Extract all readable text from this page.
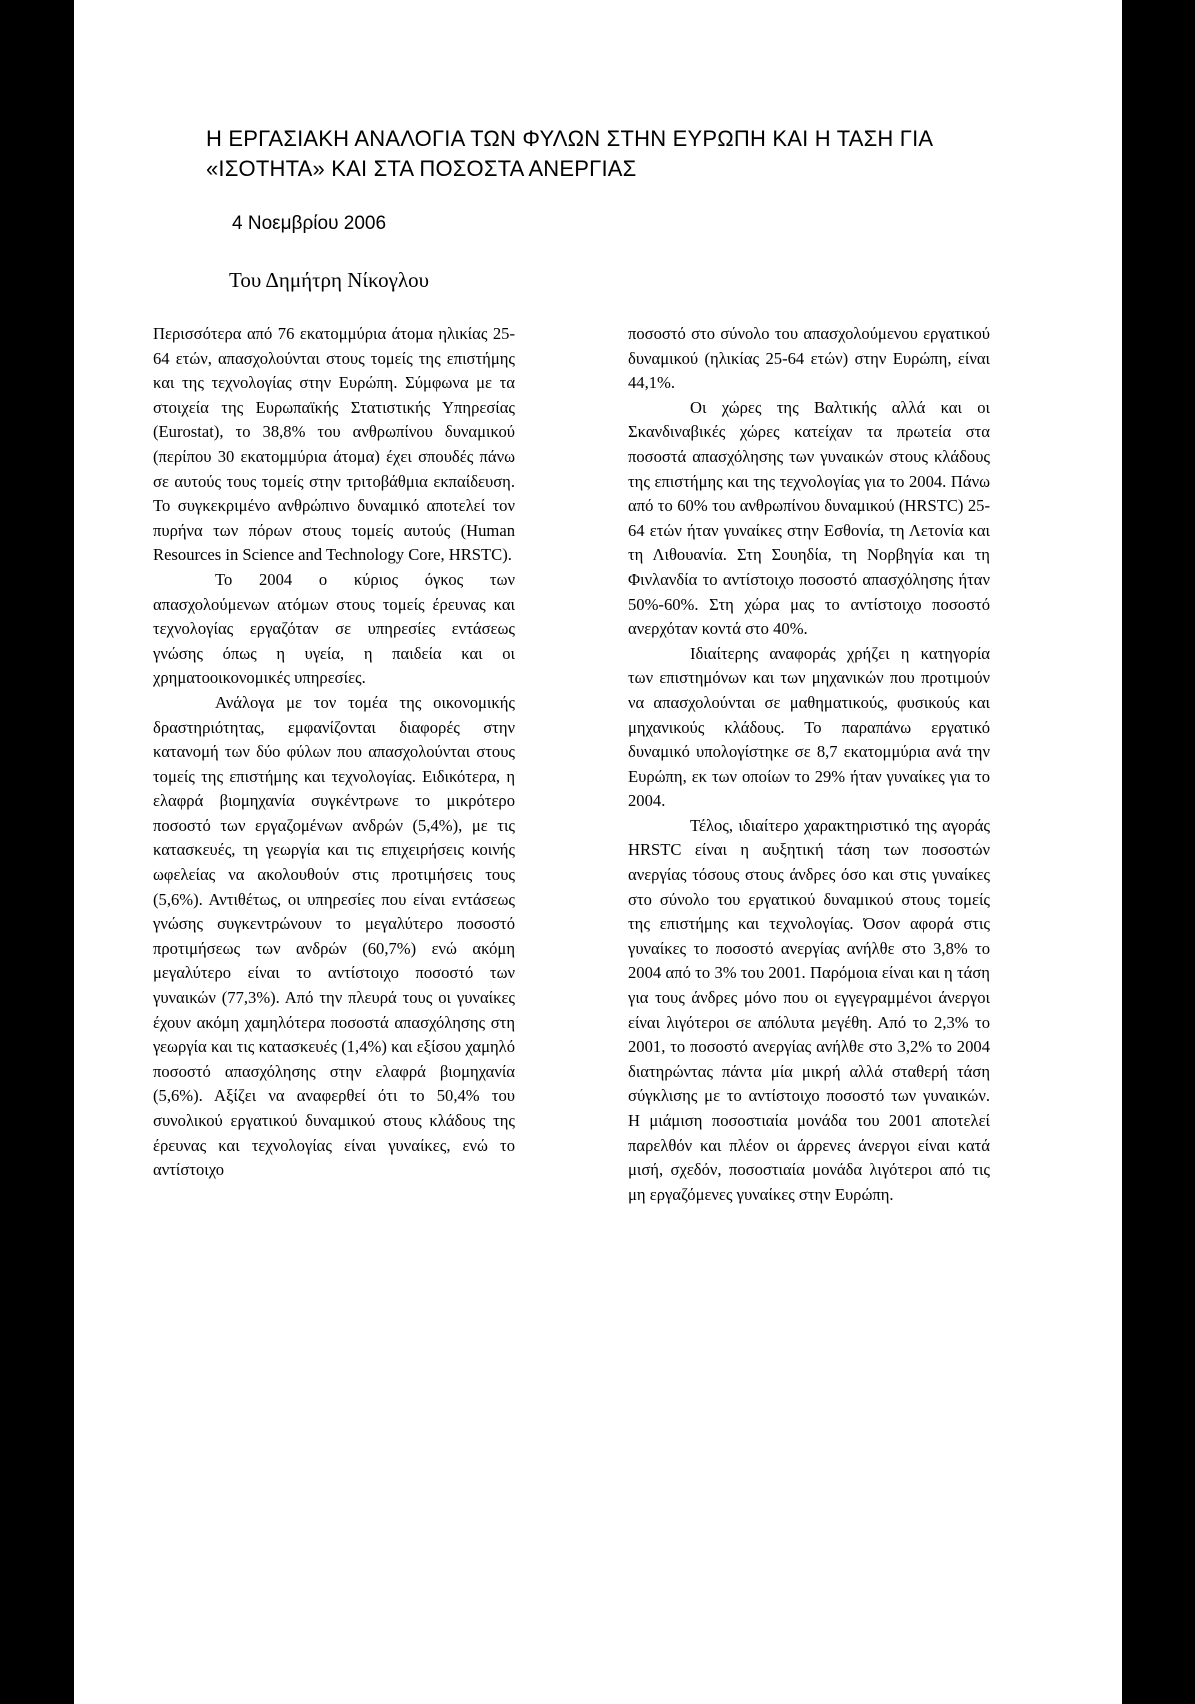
Η ΕΡΓΑΣΙΑΚΗ ΑΝΑΛΟΓΙΑ ΤΩΝ ΦΥΛΩΝ ΣΤΗΝ ΕΥΡΩΠΗ ΚΑΙ Η ΤΑΣΗ ΓΙΑ «ΙΣΟΤΗΤΑ» ΚΑΙ ΣΤΑ ΠΟΣΟΣΤΑ ΑΝΕΡΓΙΑΣ
4 Νοεμβρίου 2006
Του Δημήτρη Νίκογλου

Περισσότερα από 76 εκατομμύρια άτομα ηλικίας 25-64 ετών, απασχολούνται στους τομείς της επιστήμης και της τεχνολογίας στην Ευρώπη. Σύμφωνα με τα στοιχεία της Ευρωπαϊκής Στατιστικής Υπηρεσίας (Eurostat), το 38,8% του ανθρωπίνου δυναμικού (περίπου 30 εκατομμύρια άτομα) έχει σπουδές πάνω σε αυτούς τους τομείς στην τριτοβάθμια εκπαίδευση. Το συγκεκριμένο ανθρώπινο δυναμικό αποτελεί τον πυρήνα των πόρων στους τομείς αυτούς (Human Resources in Science and Technology Core, HRSTC).

Το 2004 ο κύριος όγκος των απασχολούμενων ατόμων στους τομείς έρευνας και τεχνολογίας εργαζόταν σε υπηρεσίες εντάσεως γνώσης όπως η υγεία, η παιδεία και οι χρηματοοικονομικές υπηρεσίες.

Ανάλογα με τον τομέα της οικονομικής δραστηριότητας, εμφανίζονται διαφορές στην κατανομή των δύο φύλων που απασχολούνται στους τομείς της επιστήμης και τεχνολογίας. Ειδικότερα, η ελαφρά βιομηχανία συγκέντρωνε το μικρότερο ποσοστό των εργαζομένων ανδρών (5,4%), με τις κατασκευές, τη γεωργία και τις επιχειρήσεις κοινής ωφελείας να ακολουθούν στις προτιμήσεις τους (5,6%). Αντιθέτως, οι υπηρεσίες που είναι εντάσεως γνώσης συγκεντρώνουν το μεγαλύτερο ποσοστό προτιμήσεως των ανδρών (60,7%) ενώ ακόμη μεγαλύτερο είναι το αντίστοιχο ποσοστό των γυναικών (77,3%). Από την πλευρά τους οι γυναίκες έχουν ακόμη χαμηλότερα ποσοστά απασχόλησης στη γεωργία και τις κατασκευές (1,4%) και εξίσου χαμηλό ποσοστό απασχόλησης στην ελαφρά βιομηχανία (5,6%). Αξίζει να αναφερθεί ότι το 50,4% του συνολικού εργατικού δυναμικού στους κλάδους της έρευνας και τεχνολογίας είναι γυναίκες, ενώ το αντίστοιχο

ποσοστό στο σύνολο του απασχολούμενου εργατικού δυναμικού (ηλικίας 25-64 ετών) στην Ευρώπη, είναι 44,1%.

Οι χώρες της Βαλτικής αλλά και οι Σκανδιναβικές χώρες κατείχαν τα πρωτεία στα ποσοστά απασχόλησης των γυναικών στους κλάδους της επιστήμης και της τεχνολογίας για το 2004. Πάνω από το 60% του ανθρωπίνου δυναμικού (HRSTC) 25-64 ετών ήταν γυναίκες στην Εσθονία, τη Λετονία και τη Λιθουανία. Στη Σουηδία, τη Νορβηγία και τη Φινλανδία το αντίστοιχο ποσοστό απασχόλησης ήταν 50%-60%. Στη χώρα μας το αντίστοιχο ποσοστό ανερχόταν κοντά στο 40%.

Ιδιαίτερης αναφοράς χρήζει η κατηγορία των επιστημόνων και των μηχανικών που προτιμούν να απασχολούνται σε μαθηματικούς, φυσικούς και μηχανικούς κλάδους. Το παραπάνω εργατικό δυναμικό υπολογίστηκε σε 8,7 εκατομμύρια ανά την Ευρώπη, εκ των οποίων το 29% ήταν γυναίκες για το 2004.

Τέλος, ιδιαίτερο χαρακτηριστικό της αγοράς HRSTC είναι η αυξητική τάση των ποσοστών ανεργίας τόσους στους άνδρες όσο και στις γυναίκες στο σύνολο του εργατικού δυναμικού στους τομείς της επιστήμης και τεχνολογίας. Όσον αφορά στις γυναίκες το ποσοστό ανεργίας ανήλθε στο 3,8% το 2004 από το 3% του 2001. Παρόμοια είναι και η τάση για τους άνδρες μόνο που οι εγγεγραμμένοι άνεργοι είναι λιγότεροι σε απόλυτα μεγέθη. Από το 2,3% το 2001, το ποσοστό ανεργίας ανήλθε στο 3,2% το 2004 διατηρώντας πάντα μία μικρή αλλά σταθερή τάση σύγκλισης με το αντίστοιχο ποσοστό των γυναικών. Η μιάμιση ποσοστιαία μονάδα του 2001 αποτελεί παρελθόν και πλέον οι άρρενες άνεργοι είναι κατά μισή, σχεδόν, ποσοστιαία μονάδα λιγότεροι από τις μη εργαζόμενες γυναίκες στην Ευρώπη.
